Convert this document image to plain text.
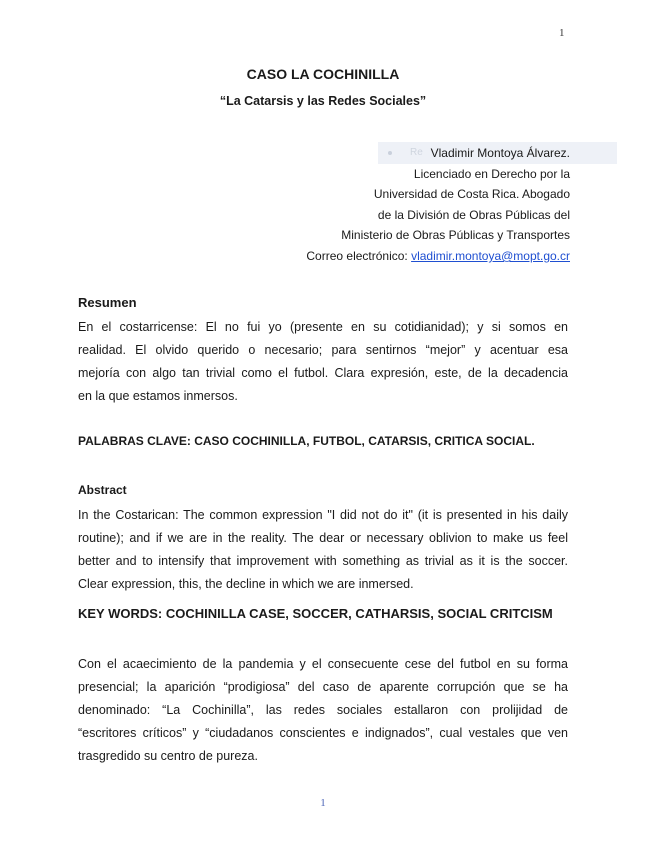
1
CASO LA COCHINILLA
“La Catarsis y las Redes Sociales”
Re Vladimir Montoya Álvarez.
Licenciado en Derecho por la
Universidad de Costa Rica. Abogado
de la División de Obras Públicas del
Ministerio de Obras Públicas y Transportes
Correo electrónico: vladimir.montoya@mopt.go.cr
Resumen
En el costarricense: El no fui yo (presente en su cotidianidad); y si somos en
realidad. El olvido querido o necesario; para sentirnos “mejor” y acentuar esa
mejoría con algo tan trivial como el futbol. Clara expresión, este, de la decadencia
en la que estamos inmersos.
PALABRAS CLAVE: CASO COCHINILLA, FUTBOL, CATARSIS, CRITICA SOCIAL.
Abstract
In the Costarican: The common expression "I did not do it" (it is presented in his daily
routine); and if we are in the reality. The dear or necessary oblivion to make us feel
better and to intensify that improvement with something as trivial as it is the soccer.
Clear expression, this, the decline in which we are inmersed.
KEY WORDS: COCHINILLA CASE, SOCCER, CATHARSIS, SOCIAL CRITCISM
Con el acaecimiento de la pandemia y el consecuente cese del futbol en su forma
presencial; la aparición “prodigiosa” del caso de aparente corrupción que se ha
denominado: “La Cochinilla”, las redes sociales estallaron con prolijidad de
“escritores críticos” y “ciudadanos conscientes e indignados”, cual vestales que ven
trasgredido su centro de pureza.
1
